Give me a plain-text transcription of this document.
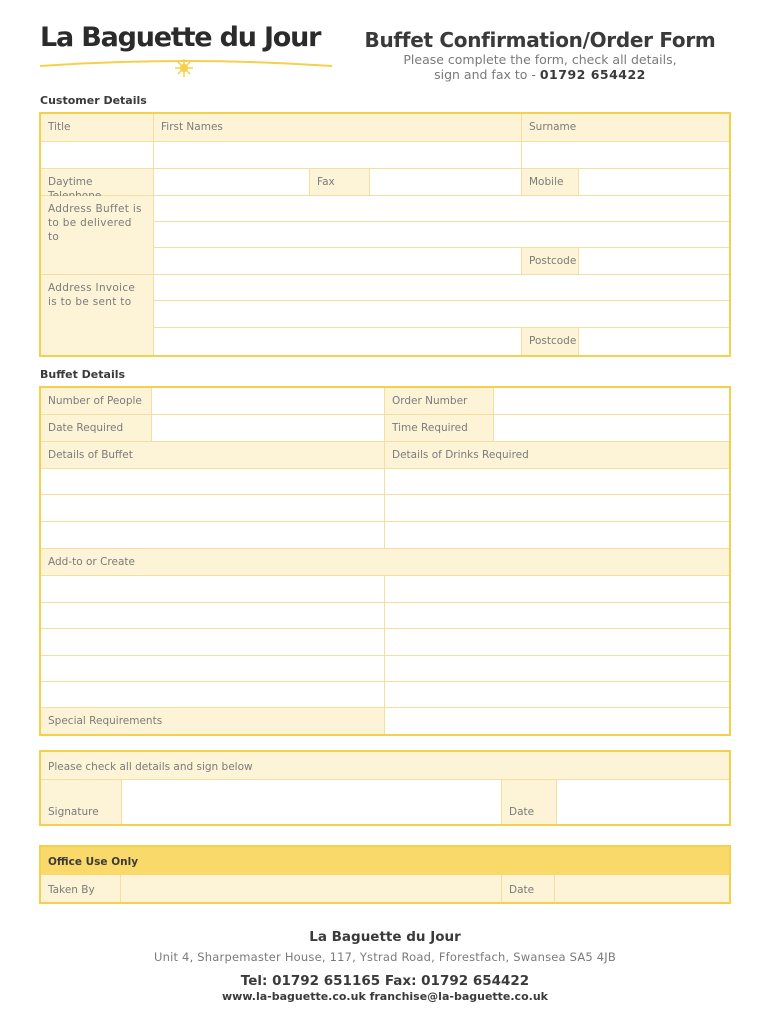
La Baguette du Jour	Buffet Confirmation/Order Form
Please complete the form, check all details,
sign and fax to - 01792 654422
Customer Details
Title	First Names	Surname
Daytime	Fax	Mobile
Address Buffet is to be delivered to
Postcode
Address Invoice is to be sent to
Postcode
Buffet Details
Number of People	Order Number
Date Required	Time Required
Details of Buffet	Details of Drinks Required
Add-to or Create
Special Requirements
Please check all details and sign below
Signature	Date
Office Use Only
Taken By	Date
La Baguette du Jour
Unit 4, Sharpemaster House, 117, Ystrad Road, Fforestfach, Swansea SA5 4JB
Tel: 01792 651165 Fax: 01792 654422
www.la-baguette.co.uk franchise@la-baguette.co.uk
